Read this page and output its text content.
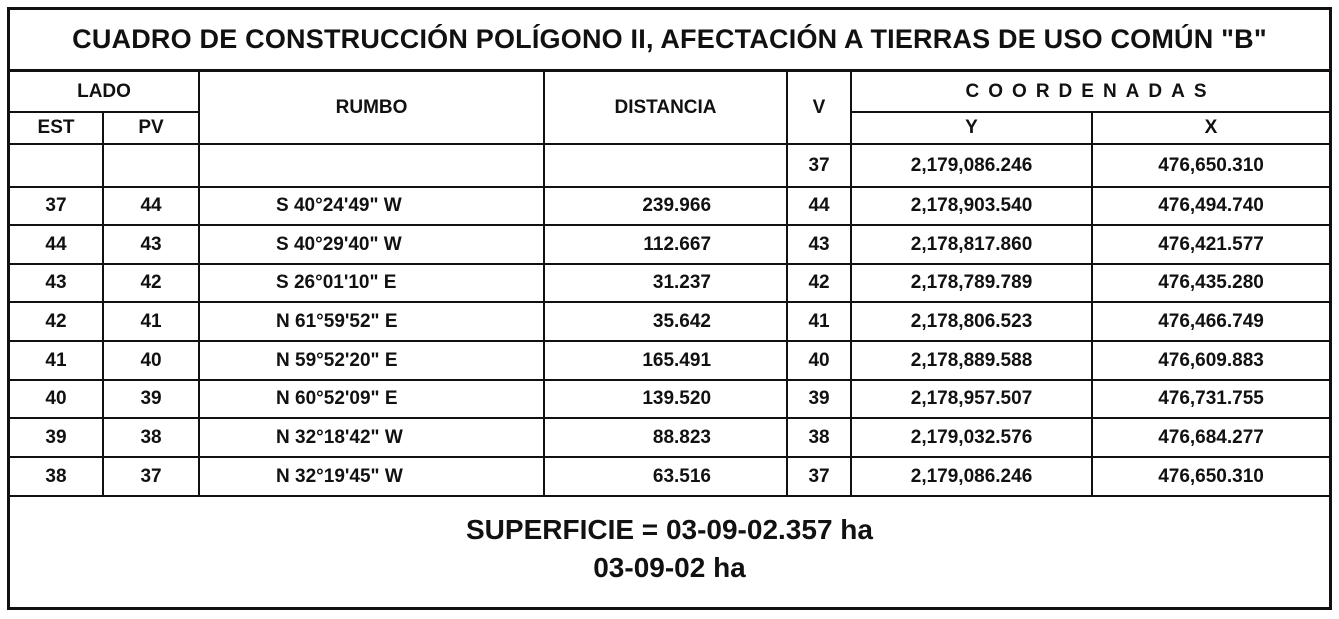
CUADRO DE CONSTRUCCIÓN POLÍGONO II, AFECTACIÓN A TIERRAS DE USO COMÚN "B"
LADO		RUMBO	DISTANCIA	V	COORDENADAS	
EST	PV				Y	X
				37	2,179,086.246	476,650.310
37	44	S 40°24'49" W	239.966	44	2,178,903.540	476,494.740
44	43	S 40°29'40" W	112.667	43	2,178,817.860	476,421.577
43	42	S 26°01'10" E	31.237	42	2,178,789.789	476,435.280
42	41	N 61°59'52" E	35.642	41	2,178,806.523	476,466.749
41	40	N 59°52'20" E	165.491	40	2,178,889.588	476,609.883
40	39	N 60°52'09" E	139.520	39	2,178,957.507	476,731.755
39	38	N 32°18'42" W	88.823	38	2,179,032.576	476,684.277
38	37	N 32°19'45" W	63.516	37	2,179,086.246	476,650.310
SUPERFICIE = 03-09-02.357 ha
03-09-02 ha
